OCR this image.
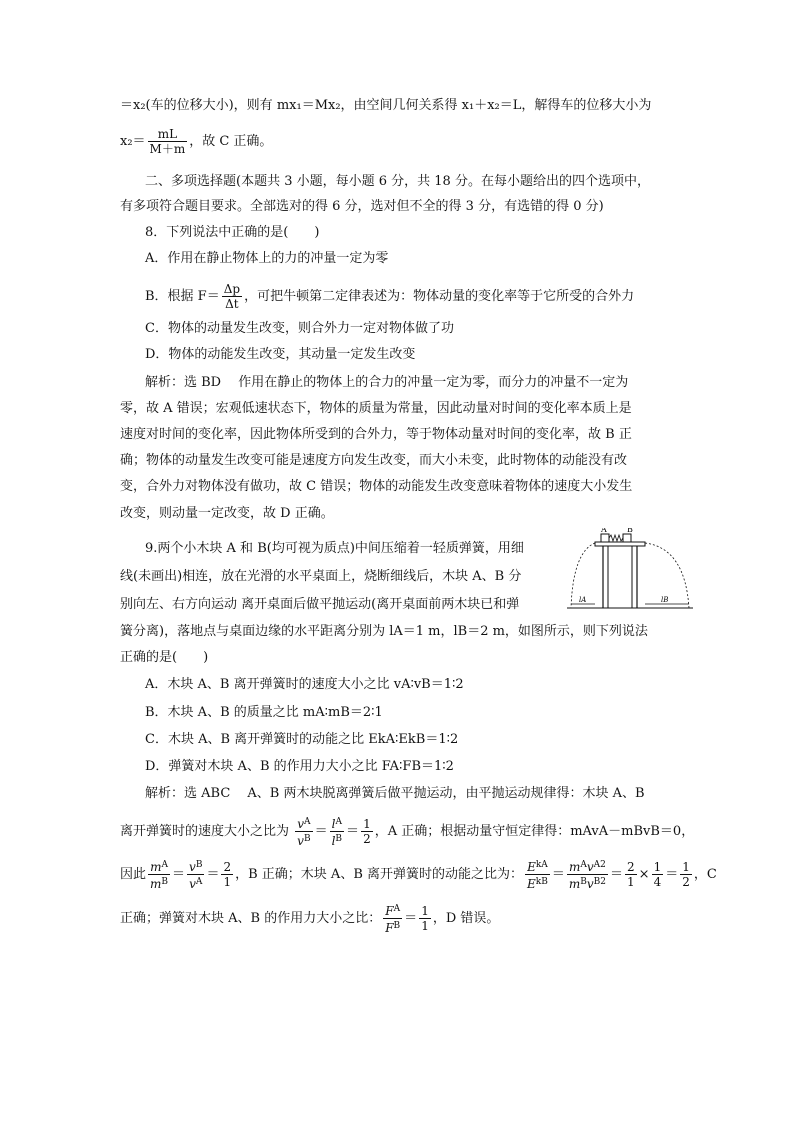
＝x₂(车的位移大小)，则有 mx₁＝Mx₂，由空间几何关系得 x₁＋x₂＝L，解得车的位移大小为
$x_2= \frac{mL}{M+m}$ ，故 C 正确。
二、多项选择题(本题共 3 小题，每小题 6 分，共 18 分。在每小题给出的四个选项中，
有多项符合题目要求。全部选对的得 6 分，选对但不全的得 3 分，有选错的得 0 分)
8．下列说法中正确的是(　　)
A．作用在静止物体上的力的冲量一定为零
B．根据 $F= \frac{\Delta p}{\Delta t}$ ，可把牛顿第二定律表述为：物体动量的变化率等于它所受的合外力
C．物体的动量发生改变，则合外力一定对物体做了功
D．物体的动能发生改变，其动量一定发生改变
解析：选 BD　 作用在静止的物体上的合力的冲量一定为零，而分力的冲量不一定为
零，故 A 错误；宏观低速状态下，物体的质量为常量，因此动量对时间的变化率本质上是
速度对时间的变化率，因此物体所受到的合外力，等于物体动量对时间的变化率，故 B 正
确；物体的动量发生改变可能是速度方向发生改变，而大小未变，此时物体的动能没有改
变，合外力对物体没有做功，故 C 错误；物体的动能发生改变意味着物体的速度大小发生
改变，则动量一定改变，故 D 正确。
9.两个小木块 A 和 B(均可视为质点)中间压缩着一轻质弹簧，用细
线(未画出)相连，放在光滑的水平桌面上，烧断细线后，木块 A、B 分
别向左、右方向运动 离开桌面后做平抛运动(离开桌面前两木块已和弹
簧分离)，落地点与桌面边缘的水平距离分别为 lA＝1 m，lB＝2 m，如图所示，则下列说法
正确的是(　　)
A．木块 A、B 离开弹簧时的速度大小之比 vA∶vB＝1∶2
B．木块 A、B 的质量之比 mA∶mB＝2∶1
C．木块 A、B 离开弹簧时的动能之比 EkA∶EkB＝1∶2
D．弹簧对木块 A、B 的作用力大小之比 FA∶FB＝1∶2
解析：选 ABC　 A、B 两木块脱离弹簧后做平抛运动，由平抛运动规律得：木块 A、B
离开弹簧时的速度大小之比为 $\frac{v^A}{v^B} = \frac{l^A}{l^B} = \frac{1}{2}$ ，A 正确；根据动量守恒定律得：mAvA－mBvB＝0，
因此 $\frac{m^A}{m^B} = \frac{v^B}{v^A} = \frac{2}{1}$ ，B 正确；木块 A、B 离开弹簧时的动能之比为： $\frac{E^{kA}}{E^{kB}} = \frac{m^Av^{A2}}{m^Bv^{B2}} = \frac{2}{1} \times \frac{1}{4} = \frac{1}{2}$ ，C
正确；弹簧对木块 A、B 的作用力大小之比： $\frac{F^A}{F^B} = \frac{1}{1}$ ，D 错误。
A	B
lA	lB
